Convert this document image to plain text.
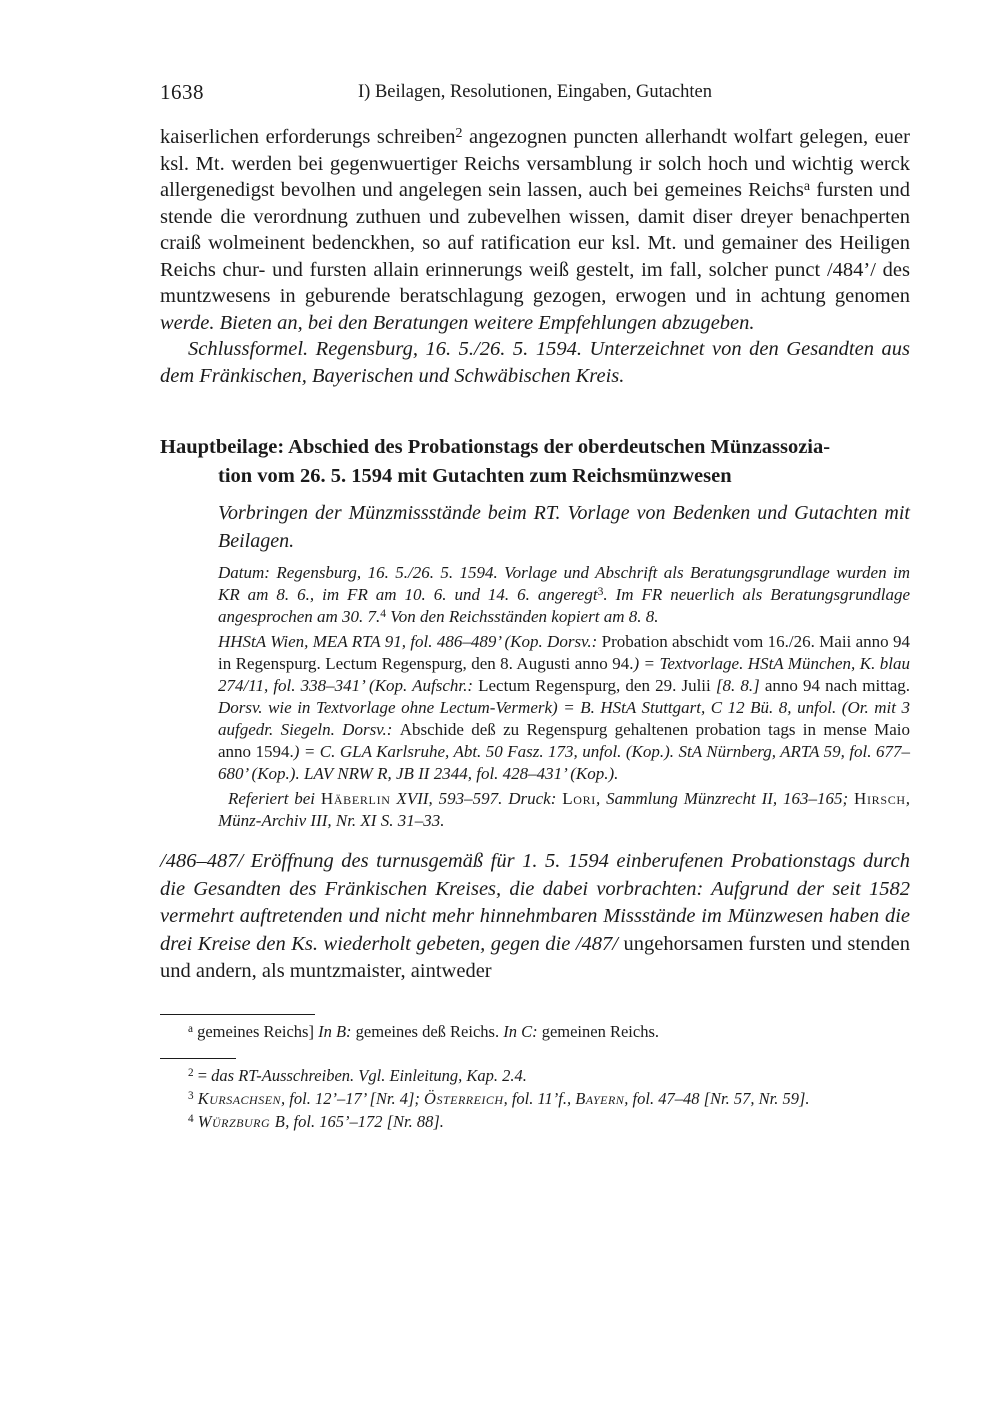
1638	I) Beilagen, Resolutionen, Eingaben, Gutachten

kaiserlichen erforderungs schreiben$^2$ angezognen puncten allerhandt wolfart gelegen, euer ksl. Mt. werden bei gegenwuertiger Reichs versamblung ir solch hoch und wichtig werck allergenedigst bevolhen und angelegen sein lassen, auch bei gemeines Reichs$^a$ fursten und stende die verordnung zuthuen und zubevelhen wissen, damit diser dreyer benachperten craiß wolmeinent bedenckhen, so auf ratification eur ksl. Mt. und gemainer des Heiligen Reichs chur- und fursten allain erinnerungs weiß gestelt, im fall, solcher punct /484’/ des muntzwesens in geburende beratschlagung gezogen, erwogen und in achtung genomen werde. Bieten an, bei den Beratungen weitere Empfehlungen abzugeben.

Schlussformel. Regensburg, 16. 5./26. 5. 1594. Unterzeichnet von den Gesandten aus dem Fränkischen, Bayerischen und Schwäbischen Kreis.

Hauptbeilage: Abschied des Probationstags der oberdeutschen Münzassozia-
tion vom 26. 5. 1594 mit Gutachten zum Reichsmünzwesen

Vorbringen der Münzmissstände beim RT. Vorlage von Bedenken und Gutachten mit Beilagen.

Datum: Regensburg, 16. 5./26. 5. 1594. Vorlage und Abschrift als Beratungsgrundlage wurden im KR am 8. 6., im FR am 10. 6. und 14. 6. angeregt$^3$. Im FR neuerlich als Beratungsgrundlage angesprochen am 30. 7.$^4$ Von den Reichsständen kopiert am 8. 8.

HHStA Wien, MEA RTA 91, fol. 486–489’ (Kop. Dorsv.: Probation abschidt vom 16./26. Maii anno 94 in Regenspurg. Lectum Regenspurg, den 8. Augusti anno 94.) = Textvorlage. HStA München, K. blau 274/11, fol. 338–341’ (Kop. Aufschr.: Lectum Regenspurg, den 29. Julii [8. 8.] anno 94 nach mittag. Dorsv. wie in Textvorlage ohne Lectum-Vermerk) = B. HStA Stuttgart, C 12 Bü. 8, unfol. (Or. mit 3 aufgedr. Siegeln. Dorsv.: Abschide deß zu Regenspurg gehaltenen probation tags in mense Maio anno 1594.) = C. GLA Karlsruhe, Abt. 50 Fasz. 173, unfol. (Kop.). StA Nürnberg, ARTA 59, fol. 677–680’ (Kop.). LAV NRW R, JB II 2344, fol. 428–431’ (Kop.).

Referiert bei Häberlin XVII, 593–597. Druck: Lori, Sammlung Münzrecht II, 163–165; Hirsch, Münz-Archiv III, Nr. XI S. 31–33.

/486–487/ Eröffnung des turnusgemäß für 1. 5. 1594 einberufenen Probationstags durch die Gesandten des Fränkischen Kreises, die dabei vorbrachten: Aufgrund der seit 1582 vermehrt auftretenden und nicht mehr hinnehmbaren Missstände im Münzwesen haben die drei Kreise den Ks. wiederholt gebeten, gegen die /487/ ungehorsamen fursten und stenden und andern, als muntzmaister, aintweder

$^a$ gemeines Reichs] In B: gemeines deß Reichs. In C: gemeinen Reichs.

$^2$ = das RT-Ausschreiben. Vgl. Einleitung, Kap. 2.4.

$^3$ Kursachsen, fol. 12’–17’ [Nr. 4]; Österreich, fol. 11’f., Bayern, fol. 47–48 [Nr. 57, Nr. 59].

$^4$ Würzburg B, fol. 165’–172 [Nr. 88].
